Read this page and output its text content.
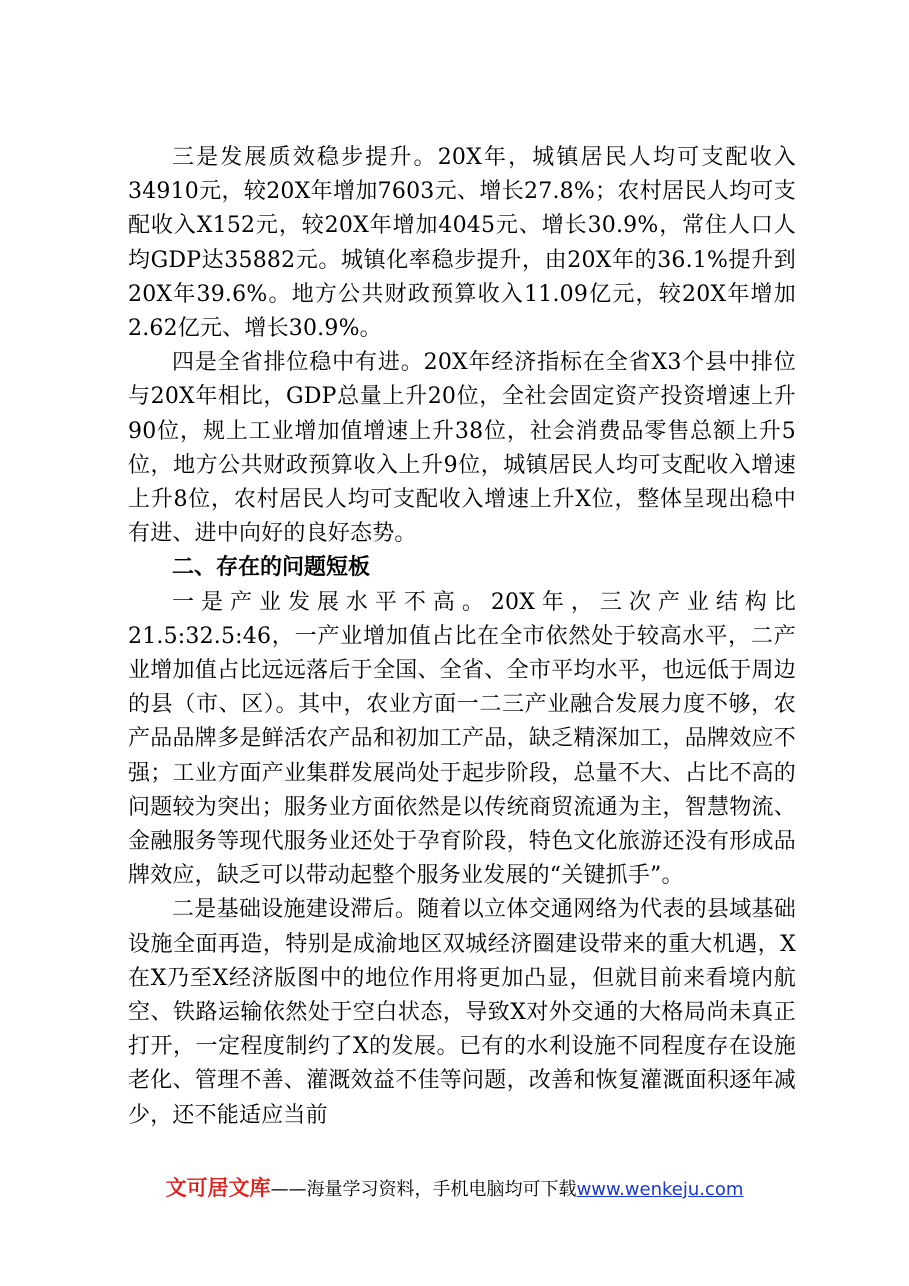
三是发展质效稳步提升。20X年，城镇居民人均可支配收入34910元，较20X年增加7603元、增长27.8%；农村居民人均可支配收入X152元，较20X年增加4045元、增长30.9%，常住人口人均GDP达35882元。城镇化率稳步提升，由20X年的36.1%提升到20X年39.6%。地方公共财政预算收入11.09亿元，较20X年增加2.62亿元、增长30.9%。

四是全省排位稳中有进。20X年经济指标在全省X3个县中排位与20X年相比，GDP总量上升20位，全社会固定资产投资增速上升90位，规上工业增加值增速上升38位，社会消费品零售总额上升5位，地方公共财政预算收入上升9位，城镇居民人均可支配收入增速上升8位，农村居民人均可支配收入增速上升X位，整体呈现出稳中有进、进中向好的良好态势。

二、存在的问题短板

一是产业发展水平不高。20X年，三次产业结构比21.5:32.5:46，一产业增加值占比在全市依然处于较高水平，二产业增加值占比远远落后于全国、全省、全市平均水平，也远低于周边的县（市、区）。其中，农业方面一二三产业融合发展力度不够，农产品品牌多是鲜活农产品和初加工产品，缺乏精深加工，品牌效应不强；工业方面产业集群发展尚处于起步阶段，总量不大、占比不高的问题较为突出；服务业方面依然是以传统商贸流通为主，智慧物流、金融服务等现代服务业还处于孕育阶段，特色文化旅游还没有形成品牌效应，缺乏可以带动起整个服务业发展的“关键抓手”。

二是基础设施建设滞后。随着以立体交通网络为代表的县域基础设施全面再造，特别是成渝地区双城经济圈建设带来的重大机遇，X在X乃至X经济版图中的地位作用将更加凸显，但就目前来看境内航空、铁路运输依然处于空白状态，导致X对外交通的大格局尚未真正打开，一定程度制约了X的发展。已有的水利设施不同程度存在设施老化、管理不善、灌溉效益不佳等问题，改善和恢复灌溉面积逐年减少，还不能适应当前

文可居文库——海量学习资料，手机电脑均可下载www.wenkeju.com
